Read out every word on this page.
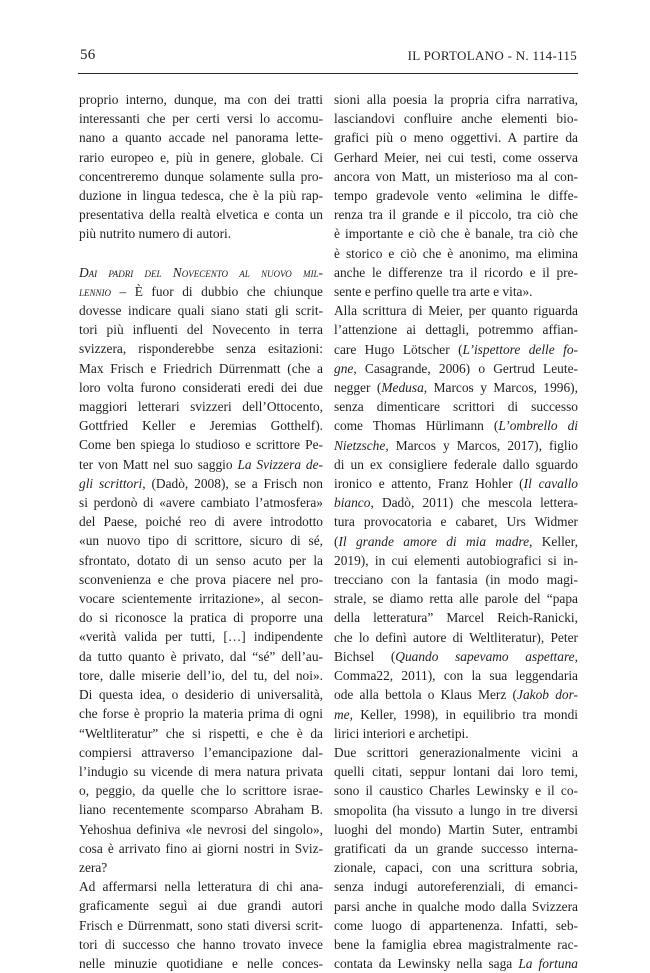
56	IL PORTOLANO - N. 114-115

proprio interno, dunque, ma con dei tratti
interessanti che per certi versi lo accomu-
nano a quanto accade nel panorama lette-
rario europeo e, più in genere, globale. Ci
concentreremo dunque solamente sulla pro-
duzione in lingua tedesca, che è la più rap-
presentativa della realtà elvetica e conta un
più nutrito numero di autori.

Dai padri del Novecento al nuovo mil-
lennio – È fuor di dubbio che chiunque
dovesse indicare quali siano stati gli scrit-
tori più influenti del Novecento in terra
svizzera, risponderebbe senza esitazioni:
Max Frisch e Friedrich Dürrenmatt (che a
loro volta furono considerati eredi dei due
maggiori letterari svizzeri dell’Ottocento,
Gottfried Keller e Jeremias Gotthelf).
Come ben spiega lo studioso e scrittore Pe-
ter von Matt nel suo saggio La Svizzera de-
gli scrittori, (Dadò, 2008), se a Frisch non
si perdonò di «avere cambiato l’atmosfera»
del Paese, poiché reo di avere introdotto
«un nuovo tipo di scrittore, sicuro di sé,
sfrontato, dotato di un senso acuto per la
sconvenienza e che prova piacere nel pro-
vocare scientemente irritazione», al secon-
do si riconosce la pratica di proporre una
«verità valida per tutti, […] indipendente
da tutto quanto è privato, dal “sé” dell’au-
tore, dalle miserie dell’io, del tu, del noi».
Di questa idea, o desiderio di universalità,
che forse è proprio la materia prima di ogni
“Weltliteratur” che si rispetti, e che è da
compiersi attraverso l’emancipazione dal-
l’indugio su vicende di mera natura privata
o, peggio, da quelle che lo scrittore israe-
liano recentemente scomparso Abraham B.
Yehoshua definiva «le nevrosi del singolo»,
cosa è arrivato fino ai giorni nostri in Sviz-
zera?

Ad affermarsi nella letteratura di chi ana-
graficamente seguì ai due grandi autori
Frisch e Dürrenmatt, sono stati diversi scrit-
tori di successo che hanno trovato invece
nelle minuzie quotidiane e nelle conces-

sioni alla poesia la propria cifra narrativa,
lasciandovi confluire anche elementi bio-
grafici più o meno oggettivi. A partire da
Gerhard Meier, nei cui testi, come osserva
ancora von Matt, un misterioso ma al con-
tempo gradevole vento «elimina le diffe-
renza tra il grande e il piccolo, tra ciò che
è importante e ciò che è banale, tra ciò che
è storico e ciò che è anonimo, ma elimina
anche le differenze tra il ricordo e il pre-
sente e perfino quelle tra arte e vita».

Alla scrittura di Meier, per quanto riguarda
l’attenzione ai dettagli, potremmo affian-
care Hugo Lötscher (L’ispettore delle fo-
gne, Casagrande, 2006) o Gertrud Leute-
negger (Medusa, Marcos y Marcos, 1996),
senza dimenticare scrittori di successo
come Thomas Hürlimann (L’ombrello di
Nietzsche, Marcos y Marcos, 2017), figlio
di un ex consigliere federale dallo sguardo
ironico e attento, Franz Hohler (Il cavallo
bianco, Dadò, 2011) che mescola lettera-
tura provocatoria e cabaret, Urs Widmer
(Il grande amore di mia madre, Keller,
2019), in cui elementi autobiografici si in-
trecciano con la fantasia (in modo magi-
strale, se diamo retta alle parole del “papa
della letteratura” Marcel Reich-Ranicki,
che lo definì autore di Weltliteratur), Peter
Bichsel (Quando sapevamo aspettare,
Comma22, 2011), con la sua leggendaria
ode alla bettola o Klaus Merz (Jakob dor-
me, Keller, 1998), in equilibrio tra mondi
lirici interiori e archetipi.

Due scrittori generazionalmente vicini a
quelli citati, seppur lontani dai loro temi,
sono il caustico Charles Lewinsky e il co-
smopolita (ha vissuto a lungo in tre diversi
luoghi del mondo) Martin Suter, entrambi
gratificati da un grande successo interna-
zionale, capaci, con una scrittura sobria,
senza indugi autoreferenziali, di emanci-
parsi anche in qualche modo dalla Svizzera
come luogo di appartenenza. Infatti, seb-
bene la famiglia ebrea magistralmente rac-
contata da Lewinsky nella saga La fortuna
